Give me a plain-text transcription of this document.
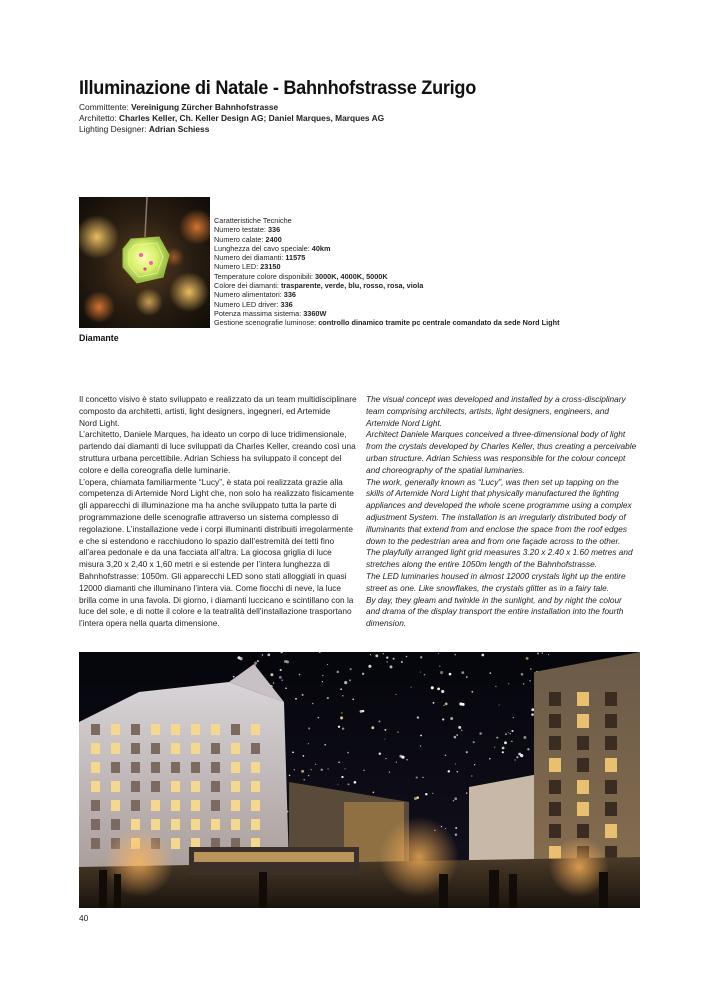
Illuminazione di Natale - Bahnhofstrasse Zurigo
Committente: Vereinigung Zürcher Bahnhofstrasse
Architetto: Charles Keller, Ch. Keller Design AG; Daniel Marques, Marques AG
Lighting Designer: Adrian Schiess
Diamante
Caratteristiche Tecniche
Numero testate: 336
Numero calate: 2400
Lunghezza del cavo speciale: 40km
Numero dei diamanti: 11575
Numero LED: 23150
Temperature colore disponibili: 3000K, 4000K, 5000K
Colore dei diamanti: trasparente, verde, blu, rosso, rosa, viola
Numero alimentatori: 336
Numero LED driver: 336
Potenza massima sistema: 3360W
Gestione scenografie luminose: controllo dinamico tramite pc centrale comandato da sede Nord Light

Il concetto visivo è stato sviluppato e realizzato da un team multidisciplinare

composto da architetti, artisti, light designers, ingegneri, ed Artemide

Nord Light.

L’architetto, Daniele Marques, ha ideato un corpo di luce tridimensionale,

partendo dai diamanti di luce sviluppati da Charles Keller, creando così una

struttura urbana percettibile. Adrian Schiess ha sviluppato il concept del

colore e della coreografia delle luminarie.

L’opera, chiamata familiarmente “Lucy”, è stata poi realizzata grazie alla

competenza di Artemide Nord Light che, non solo ha realizzato fisicamente

gli apparecchi di illuminazione ma ha anche sviluppato tutta la parte di

programmazione delle scenografie attraverso un sistema complesso di

regolazione. L’installazione vede i corpi illuminanti distribuiti irregolarmente

e che si estendono e racchiudono lo spazio dall’estremità dei tetti fino

all’area pedonale e da una facciata all’altra. La giocosa griglia di luce

misura 3,20 x 2,40 x 1,60 metri e si estende per l’intera lunghezza di

Bahnhofstrasse: 1050m. Gli apparecchi LED sono stati alloggiati in quasi

12000 diamanti che illuminano l’intera via. Come fiocchi di neve, la luce

brilla come in una favola. Di giorno, i diamanti luccicano e scintillano con la

luce del sole, e di notte il colore e la teatralità dell’installazione trasportano

l’intera opera nella quarta dimensione.

The visual concept was developed and installed by a cross-disciplinary

team comprising architects, artists, light designers, engineers, and

Artemide Nord Light.

Architect Daniele Marques conceived a three-dimensional body of light

from the crystals developed by Charles Keller, thus creating a perceivable

urban structure. Adrian Schiess was responsible for the colour concept

and choreography of the spatial luminaries.

The work, generally known as “Lucy”, was then set up tapping on the

skills of Artemide Nord Light that physically manufactured the lighting

appliances and developed the whole scene programme using a complex

adjustment System. The installation is an irregularly distributed body of

illuminants that extend from and enclose the space from the roof edges

down to the pedestrian area and from one façade across to the other.

The playfully arranged light grid measures 3.20 x 2.40 x 1.60 metres and

stretches along the entire 1050m length of the Bahnhofstrasse.

The LED luminaries housed in almost 12000 crystals light up the entire

street as one. Like snowflakes, the crystals glitter as in a fairy tale.

By day, they gleam and twinkle in the sunlight, and by night the colour

and drama of the display transport the entire installation into the fourth

dimension.

40
